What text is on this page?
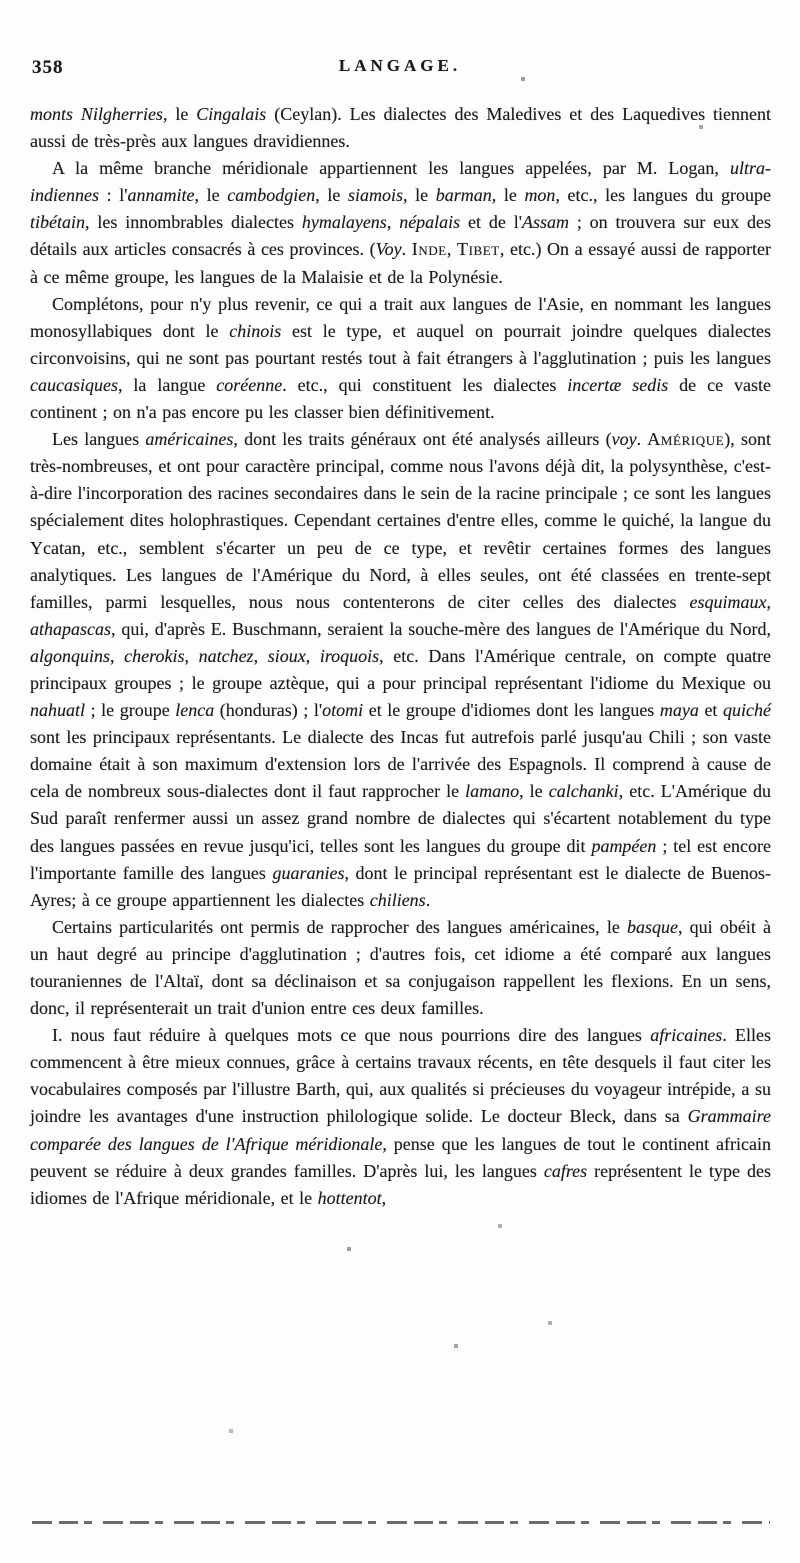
358	LANGAGE.

monts Nilgherries, le Cingalais (Ceylan). Les dialectes des Maledives et des Laquedives tiennent aussi de très-près aux langues dravidiennes.

A la même branche méridionale appartiennent les langues appelées, par M. Logan, ultra-indiennes : l'annamite, le cambodgien, le siamois, le barman, le mon, etc., les langues du groupe tibétain, les innombrables dialectes hymalayens, népalais et de l'Assam ; on trouvera sur eux des détails aux articles consacrés à ces provinces. (Voy. Inde, Tibet, etc.) On a essayé aussi de rapporter à ce même groupe, les langues de la Malaisie et de la Polynésie.

Complétons, pour n'y plus revenir, ce qui a trait aux langues de l'Asie, en nommant les langues monosyllabiques dont le chinois est le type, et auquel on pourrait joindre quelques dialectes circonvoisins, qui ne sont pas pourtant restés tout à fait étrangers à l'agglutination ; puis les langues caucasiques, la langue coréenne. etc., qui constituent les dialectes incertæ sedis de ce vaste continent ; on n'a pas encore pu les classer bien définitivement.

Les langues américaines, dont les traits généraux ont été analysés ailleurs (voy. Amérique), sont très-nombreuses, et ont pour caractère principal, comme nous l'avons déjà dit, la polysynthèse, c'est-à-dire l'incorporation des racines secondaires dans le sein de la racine principale ; ce sont les langues spécialement dites holophrastiques. Cependant certaines d'entre elles, comme le quiché, la langue du Ycatan, etc., semblent s'écarter un peu de ce type, et revêtir certaines formes des langues analytiques. Les langues de l'Amérique du Nord, à elles seules, ont été classées en trente-sept familles, parmi lesquelles, nous nous contenterons de citer celles des dialectes esquimaux, athapascas, qui, d'après E. Buschmann, seraient la souche-mère des langues de l'Amérique du Nord, algonquins, cherokis, natchez, sioux, iroquois, etc. Dans l'Amérique centrale, on compte quatre principaux groupes ; le groupe aztèque, qui a pour principal représentant l'idiome du Mexique ou nahuatl ; le groupe lenca (honduras) ; l'otomi et le groupe d'idiomes dont les langues maya et quiché sont les principaux représentants. Le dialecte des Incas fut autrefois parlé jusqu'au Chili ; son vaste domaine était à son maximum d'extension lors de l'arrivée des Espagnols. Il comprend à cause de cela de nombreux sous-dialectes dont il faut rapprocher le lamano, le calchanki, etc. L'Amérique du Sud paraît renfermer aussi un assez grand nombre de dialectes qui s'écartent notablement du type des langues passées en revue jusqu'ici, telles sont les langues du groupe dit pampéen ; tel est encore l'importante famille des langues guaranies, dont le principal représentant est le dialecte de Buenos-Ayres; à ce groupe appartiennent les dialectes chiliens.

Certains particularités ont permis de rapprocher des langues américaines, le basque, qui obéit à un haut degré au principe d'agglutination ; d'autres fois, cet idiome a été comparé aux langues touraniennes de l'Altaï, dont sa déclinaison et sa conjugaison rappellent les flexions. En un sens, donc, il représenterait un trait d'union entre ces deux familles.

I. nous faut réduire à quelques mots ce que nous pourrions dire des langues africaines. Elles commencent à être mieux connues, grâce à certains travaux récents, en tête desquels il faut citer les vocabulaires composés par l'illustre Barth, qui, aux qualités si précieuses du voyageur intrépide, a su joindre les avantages d'une instruction philologique solide. Le docteur Bleck, dans sa Grammaire comparée des langues de l'Afrique méridionale, pense que les langues de tout le continent africain peuvent se réduire à deux grandes familles. D'après lui, les langues cafres représentent le type des idiomes de l'Afrique méridionale, et le hottentot,
